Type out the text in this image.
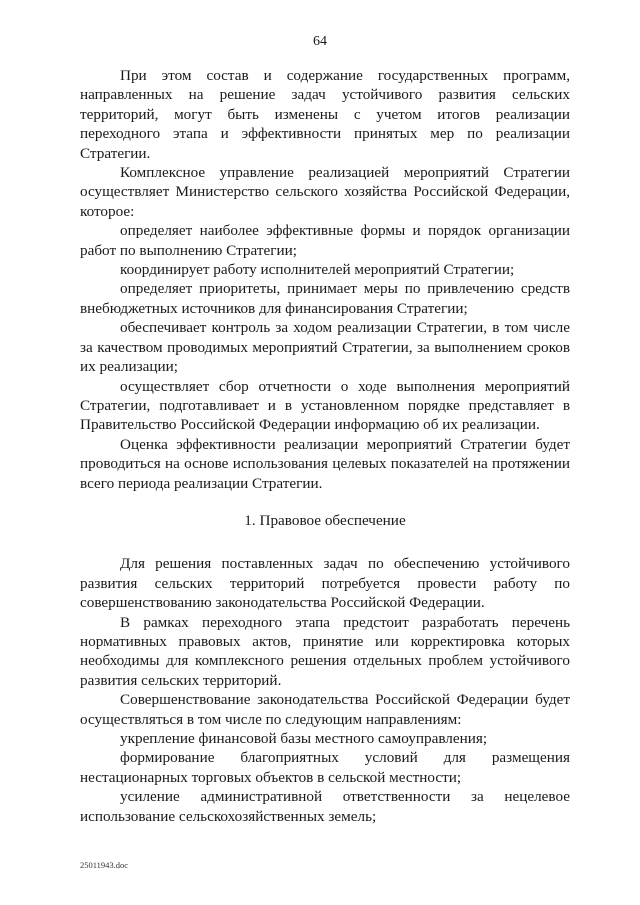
64

При этом состав и содержание государственных программ, направленных на решение задач устойчивого развития сельских территорий, могут быть изменены с учетом итогов реализации переходного этапа и эффективности принятых мер по реализации Стратегии.

Комплексное управление реализацией мероприятий Стратегии осуществляет Министерство сельского хозяйства Российской Федерации, которое:

определяет наиболее эффективные формы и порядок организации работ по выполнению Стратегии;

координирует работу исполнителей мероприятий Стратегии;

определяет приоритеты, принимает меры по привлечению средств внебюджетных источников для финансирования Стратегии;

обеспечивает контроль за ходом реализации Стратегии, в том числе за качеством проводимых мероприятий Стратегии, за выполнением сроков их реализации;

осуществляет сбор отчетности о ходе выполнения мероприятий Стратегии, подготавливает и в установленном порядке представляет в Правительство Российской Федерации информацию об их реализации.

Оценка эффективности реализации мероприятий Стратегии будет проводиться на основе использования целевых показателей на протяжении всего периода реализации Стратегии.

1. Правовое обеспечение

Для решения поставленных задач по обеспечению устойчивого развития сельских территорий потребуется провести работу по совершенствованию законодательства Российской Федерации.

В рамках переходного этапа предстоит разработать перечень нормативных правовых актов, принятие или корректировка которых необходимы для комплексного решения отдельных проблем устойчивого развития сельских территорий.

Совершенствование законодательства Российской Федерации будет осуществляться в том числе по следующим направлениям:

укрепление финансовой базы местного самоуправления;

формирование благоприятных условий для размещения нестационарных торговых объектов в сельской местности;

усиление административной ответственности за нецелевое использование сельскохозяйственных земель;

25011943.doc
